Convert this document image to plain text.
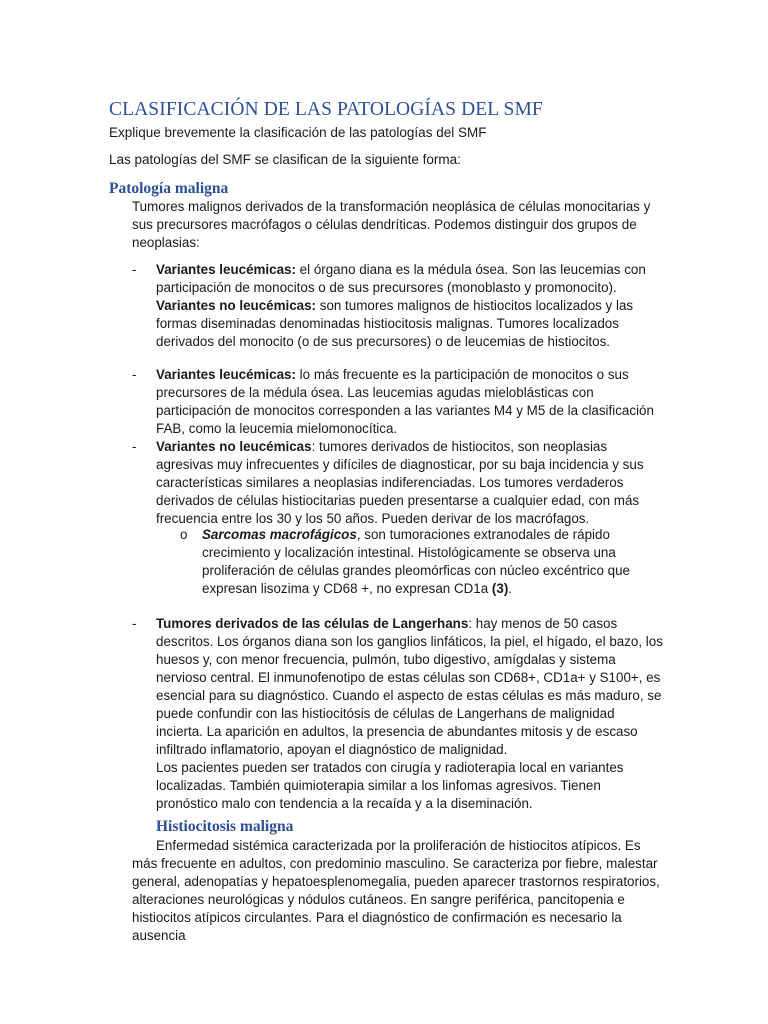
CLASIFICACIÓN DE LAS PATOLOGÍAS DEL SMF
Explique brevemente la clasificación de las patologías del SMF
Las patologías del SMF se clasifican de la siguiente forma:
Patología maligna
Tumores malignos derivados de la transformación neoplásica de células monocitarias y sus precursores macrófagos o células dendríticas. Podemos distinguir dos grupos de neoplasias:
-	Variantes leucémicas: el órgano diana es la médula ósea. Son las leucemias con participación de monocitos o de sus precursores (monoblasto y promonocito).
Variantes no leucémicas: son tumores malignos de histiocitos localizados y las formas diseminadas denominadas histiocitosis malignas. Tumores localizados derivados del monocito (o de sus precursores) o de leucemias de histiocitos.
-	Variantes leucémicas: lo más frecuente es la participación de monocitos o sus precursores de la médula ósea. Las leucemias agudas mieloblásticas con participación de monocitos corresponden a las variantes M4 y M5 de la clasificación FAB, como la leucemia mielomonocítica.
-	Variantes no leucémicas: tumores derivados de histiocitos, son neoplasias agresivas muy infrecuentes y difíciles de diagnosticar, por su baja incidencia y sus características similares a neoplasias indiferenciadas. Los tumores verdaderos derivados de células histiocitarias pueden presentarse a cualquier edad, con más frecuencia entre los 30 y los 50 años. Pueden derivar de los macrófagos.
o Sarcomas macrofágicos, son tumoraciones extranodales de rápido crecimiento y localización intestinal. Histológicamente se observa una proliferación de células grandes pleomórficas con núcleo excéntrico que expresan lisozima y CD68 +, no expresan CD1a (3).
-	Tumores derivados de las células de Langerhans: hay menos de 50 casos descritos. Los órganos diana son los ganglios linfáticos, la piel, el hígado, el bazo, los huesos y, con menor frecuencia, pulmón, tubo digestivo, amígdalas y sistema nervioso central. El inmunofenotipo de estas células son CD68+, CD1a+ y S100+, es esencial para su diagnóstico. Cuando el aspecto de estas células es más maduro, se puede confundir con las histiocitósis de células de Langerhans de malignidad incierta. La aparición en adultos, la presencia de abundantes mitosis y de escaso infiltrado inflamatorio, apoyan el diagnóstico de malignidad.
Los pacientes pueden ser tratados con cirugía y radioterapia local en variantes localizadas. También quimioterapia similar a los linfomas agresivos. Tienen pronóstico malo con tendencia a la recaída y a la diseminación.
Histiocitosis maligna
Enfermedad sistémica caracterizada por la proliferación de histiocitos atípicos. Es más frecuente en adultos, con predominio masculino. Se caracteriza por fiebre, malestar general, adenopatías y hepatoesplenomegalia, pueden aparecer trastornos respiratorios, alteraciones neurológicas y nódulos cutáneos. En sangre periférica, pancitopenia e histiocitos atípicos circulantes. Para el diagnóstico de confirmación es necesario la ausencia
